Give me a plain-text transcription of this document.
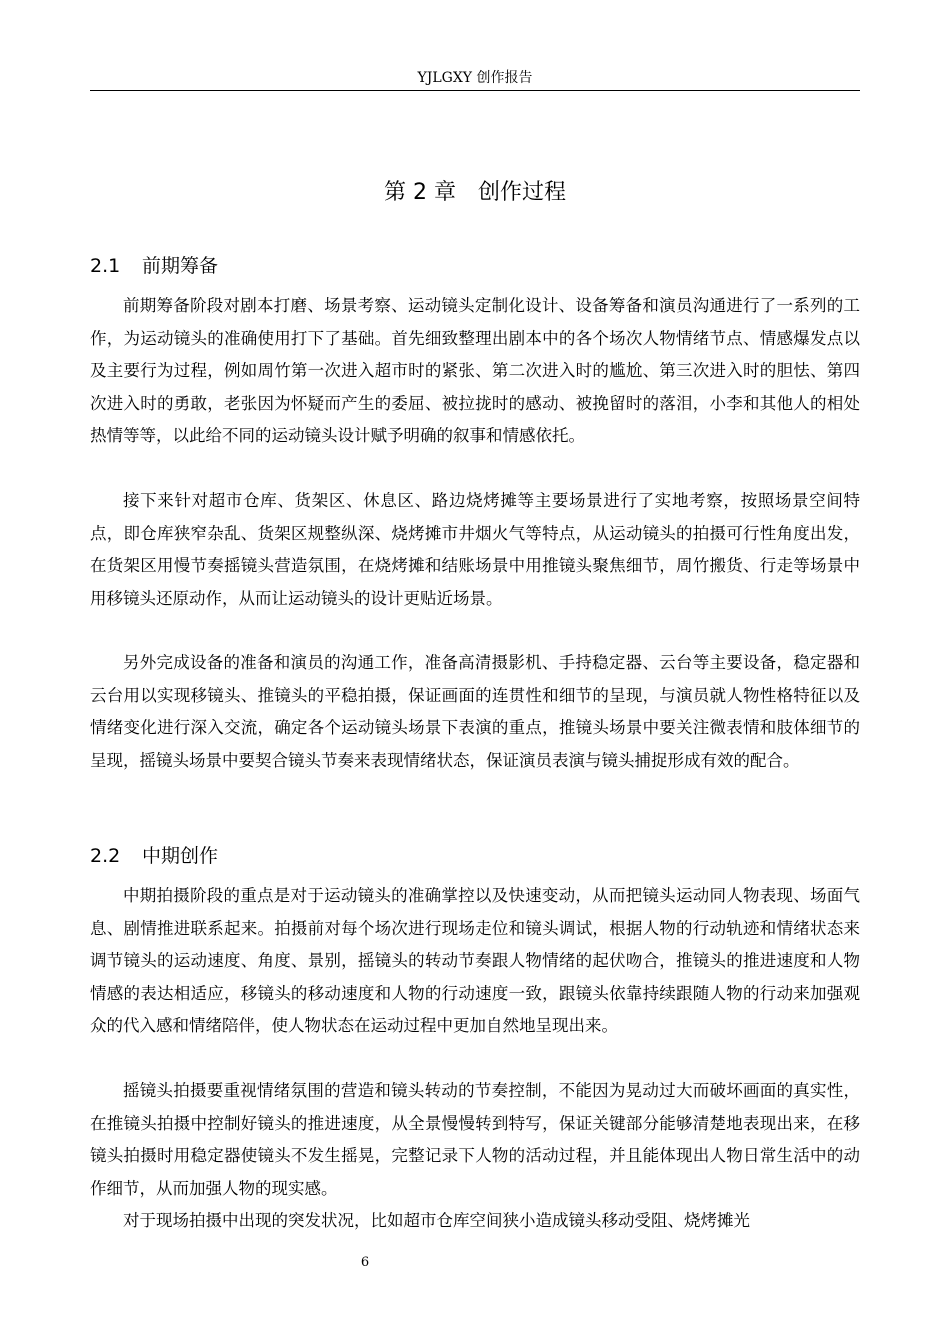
YJLGXY 创作报告
第 2 章　创作过程
2.1 前期筹备

前期筹备阶段对剧本打磨、场景考察、运动镜头定制化设计、设备筹备和演员沟通进行了一系列的工作，为运动镜头的准确使用打下了基础。首先细致整理出剧本中的各个场次人物情绪节点、情感爆发点以及主要行为过程，例如周竹第一次进入超市时的紧张、第二次进入时的尴尬、第三次进入时的胆怯、第四次进入时的勇敢，老张因为怀疑而产生的委屈、被拉拢时的感动、被挽留时的落泪，小李和其他人的相处热情等等，以此给不同的运动镜头设计赋予明确的叙事和情感依托。

接下来针对超市仓库、货架区、休息区、路边烧烤摊等主要场景进行了实地考察，按照场景空间特点，即仓库狭窄杂乱、货架区规整纵深、烧烤摊市井烟火气等特点，从运动镜头的拍摄可行性角度出发，在货架区用慢节奏摇镜头营造氛围，在烧烤摊和结账场景中用推镜头聚焦细节，周竹搬货、行走等场景中用移镜头还原动作，从而让运动镜头的设计更贴近场景。

另外完成设备的准备和演员的沟通工作，准备高清摄影机、手持稳定器、云台等主要设备，稳定器和云台用以实现移镜头、推镜头的平稳拍摄，保证画面的连贯性和细节的呈现，与演员就人物性格特征以及情绪变化进行深入交流，确定各个运动镜头场景下表演的重点，推镜头场景中要关注微表情和肢体细节的呈现，摇镜头场景中要契合镜头节奏来表现情绪状态，保证演员表演与镜头捕捉形成有效的配合。

2.2 中期创作

中期拍摄阶段的重点是对于运动镜头的准确掌控以及快速变动，从而把镜头运动同人物表现、场面气息、剧情推进联系起来。拍摄前对每个场次进行现场走位和镜头调试，根据人物的行动轨迹和情绪状态来调节镜头的运动速度、角度、景别，摇镜头的转动节奏跟人物情绪的起伏吻合，推镜头的推进速度和人物情感的表达相适应，移镜头的移动速度和人物的行动速度一致，跟镜头依靠持续跟随人物的行动来加强观众的代入感和情绪陪伴，使人物状态在运动过程中更加自然地呈现出来。

摇镜头拍摄要重视情绪氛围的营造和镜头转动的节奏控制，不能因为晃动过大而破坏画面的真实性，在推镜头拍摄中控制好镜头的推进速度，从全景慢慢转到特写，保证关键部分能够清楚地表现出来，在移镜头拍摄时用稳定器使镜头不发生摇晃，完整记录下人物的活动过程，并且能体现出人物日常生活中的动作细节，从而加强人物的现实感。

对于现场拍摄中出现的突发状况，比如超市仓库空间狭小造成镜头移动受阻、烧烤摊光

6
